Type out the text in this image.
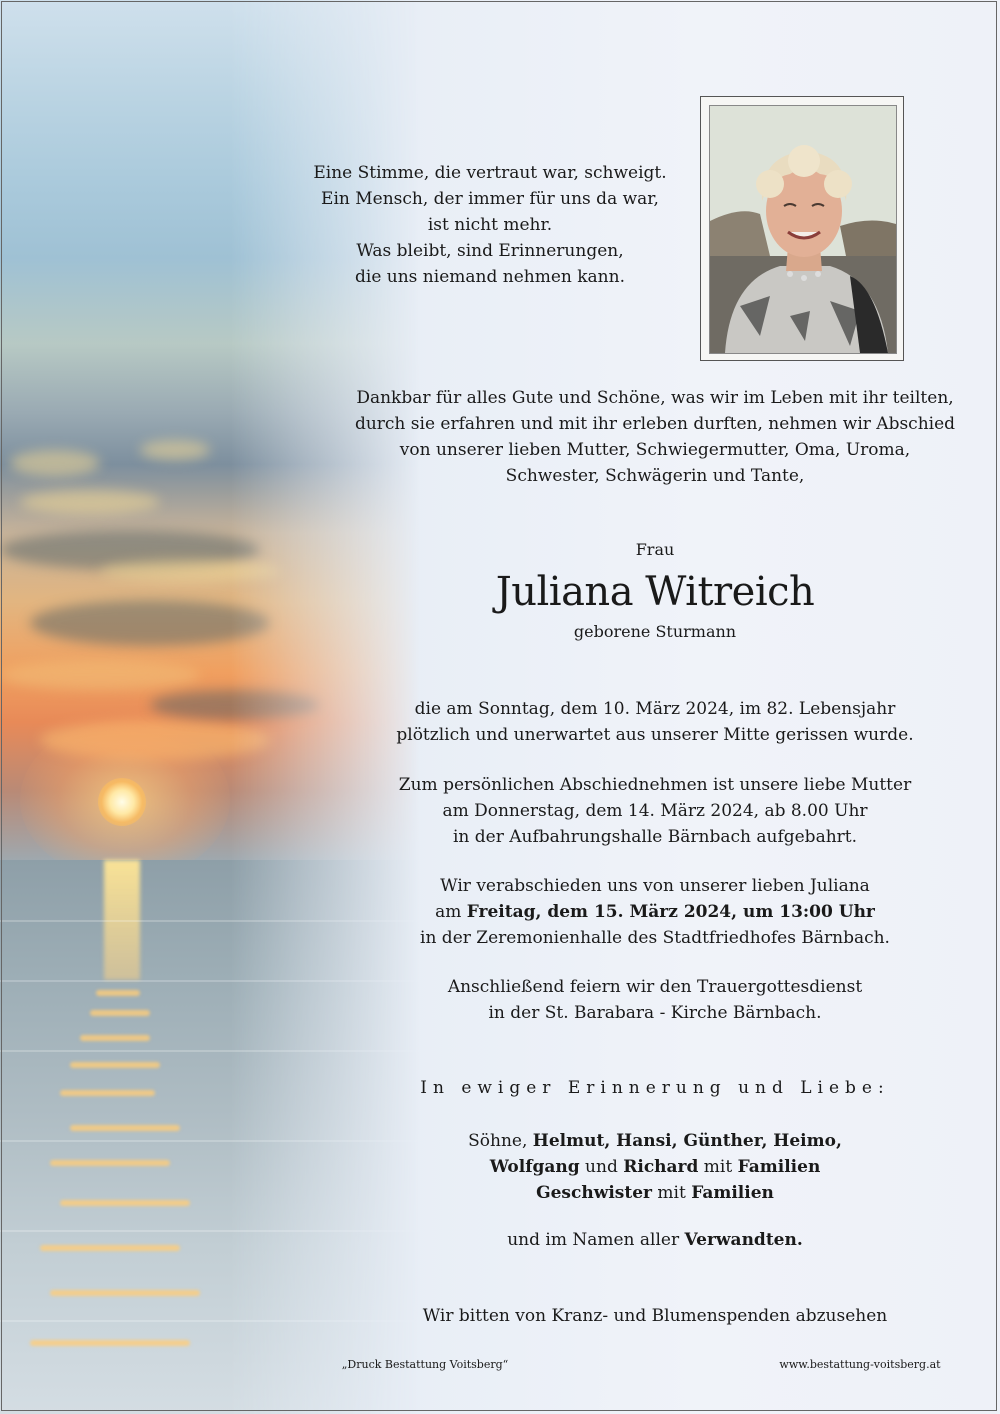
Eine Stimme, die vertraut war, schweigt.
Ein Mensch, der immer für uns da war,
ist nicht mehr.
Was bleibt, sind Erinnerungen,
die uns niemand nehmen kann.
Dankbar für alles Gute und Schöne, was wir im Leben mit ihr teilten,
durch sie erfahren und mit ihr erleben durften, nehmen wir Abschied
von unserer lieben Mutter, Schwiegermutter, Oma, Uroma,
Schwester, Schwägerin und Tante,
Frau
Juliana Witreich
geborene Sturmann
die am Sonntag, dem 10. März 2024, im 82. Lebensjahr
plötzlich und unerwartet aus unserer Mitte gerissen wurde.
Zum persönlichen Abschiednehmen ist unsere liebe Mutter
am Donnerstag, dem 14. März 2024, ab 8.00 Uhr
in der Aufbahrungshalle Bärnbach aufgebahrt.
Wir verabschieden uns von unserer lieben Juliana
am Freitag, dem 15. März 2024, um 13:00 Uhr
in der Zeremonienhalle des Stadtfriedhofes Bärnbach.
Anschließend feiern wir den Trauergottesdienst
in der St. Barabara - Kirche Bärnbach.
In ewiger Erinnerung und Liebe:
Söhne, Helmut, Hansi, Günther, Heimo,
Wolfgang und Richard mit Familien
Geschwister mit Familien
und im Namen aller Verwandten.
Wir bitten von Kranz- und Blumenspenden abzusehen
„Druck Bestattung Voitsberg“	www.bestattung-voitsberg.at
